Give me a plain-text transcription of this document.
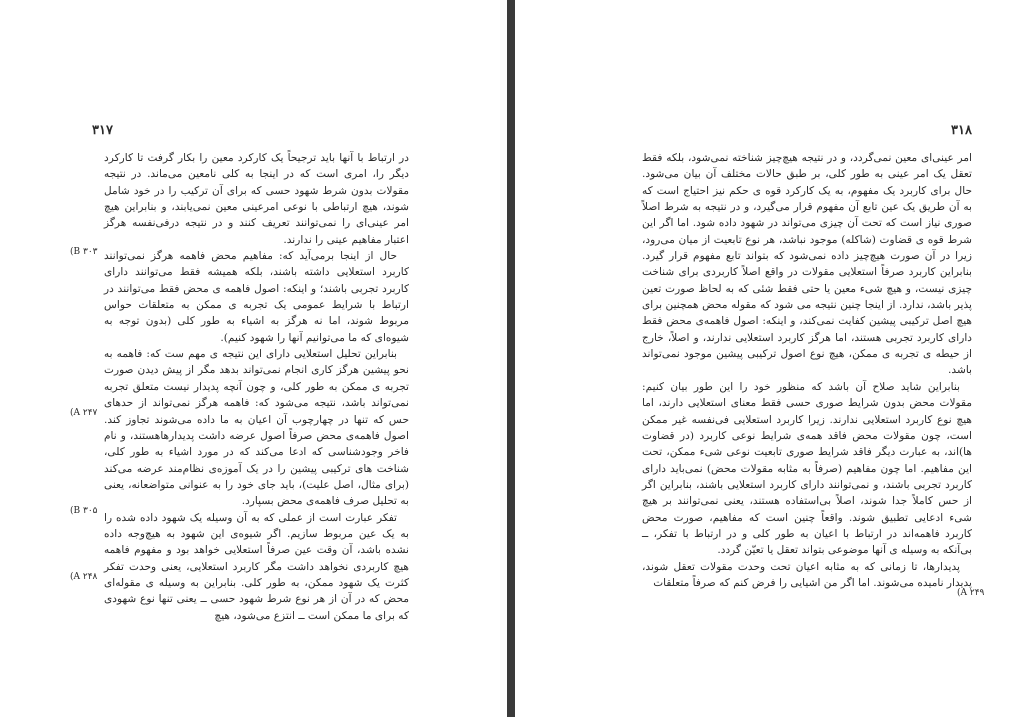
۳۱۷

در ارتباط با آنها باید ترجیحاً یک کارکرد معین را بکار گرفت تا کارکرد دیگر را، امری است که در اینجا به کلی نامعین می‌ماند. در نتیجه مقولات بدون شرط شهود حسی که برای آن ترکیب را در خود شامل شوند، هیچ ارتباطی با نوعی امرعینی معین نمی‌یابند، و بنابراین هیچ امر عینی‌ای را نمی‌توانند تعریف کنند و در نتیجه درفی‌نفسه هرگز اعتبار مفاهیم عینی را ندارند.

حال از اینجا برمی‌آید که: مفاهیم محض فاهمه هرگز نمی‌توانند کاربرد استعلایی داشته باشند، بلکه همیشه فقط می‌توانند دارای کاربرد تجربی باشند؛ و اینکه: اصول فاهمه ی محض فقط می‌توانند در ارتباط با شرایط عمومی یک تجربه ی ممکن به متعلقات حواس مربوط شوند، اما نه هرگز به اشیاء به طور کلی (بدون توجه به شیوه‌ای که ما می‌توانیم آنها را شهود کنیم).

بنابراین تحلیل استعلایی دارای این نتیجه ی مهم ست که: فاهمه به نحو پیشین هرگز کاری انجام نمی‌تواند بدهد مگر از پیش دیدن صورت تجربه ی ممکن به طور کلی، و چون آنچه پدیدار نیست متعلق تجربه نمی‌تواند باشد، نتیجه می‌شود که: فاهمه هرگز نمی‌تواند از حدهای حس که تنها در چهارچوب آن اعیان به ما داده می‌شوند تجاوز کند. اصول فاهمه‌ی محض صرفاً اصول عرضه داشت پدیدارهاهستند، و نام فاخر وجودشناسی که ادعا می‌کند که در مورد اشیاء به طور کلی، شناخت های ترکیبی پیشین را در یک آموزه‌ی نظام‌مند عرضه می‌کند (برای مثال، اصل علیت)، باید جای خود را به عنوانی متواضعانه، یعنی به تحلیل صرف فاهمه‌ی محض بسپارد.

تفکر عبارت است از عملی که به آن وسیله یک شهود داده شده را به یک عین مربوط سازیم. اگر شیوه‌ی این شهود به هیچ‌وجه داده نشده باشد، آن وقت عین صرفاً استعلایی خواهد بود و مفهوم فاهمه هیچ کاربردی نخواهد داشت مگر کاربرد استعلایی، یعنی وحدت تفکر کثرت یک شهود ممکن، به طور کلی. بنابراین به وسیله ی مقوله‌ای محض که در آن از هر نوع شرط شهود حسی ــ یعنی تنها نوع شهودی که برای ما ممکن است ــ انتزع می‌شود، هیچ

(B ۳۰۳
(A ۲۴۷
(B ۳۰۵
(A ۲۴۸
۳۱۸

امر عینی‌ای معین نمی‌گردد، و در نتیجه هیچ‌چیز شناخته نمی‌شود، بلکه فقط تعقل یک امر عینی به طور کلی، بر طبق حالات مختلف آن بیان می‌شود. حال برای کاربرد یک مفهوم، به یک کارکرد قوه ی حکم نیز احتیاج است که به آن طریق یک عین تابع آن مفهوم قرار می‌گیرد، و در نتیجه به شرط اصلاً صوری نیاز است که تحت آن چیزی می‌تواند در شهود داده شود. اما اگر این شرط قوه ی قضاوت (شاکله) موجود نباشد، هر نوع تابعیت از میان می‌رود، زیرا در آن صورت هیچ‌چیز داده نمی‌شود که بتواند تابع مفهوم قرار گیرد. بنابراین کاربرد صرفاً استعلایی مقولات در واقع اصلاً کاربردی برای شناخت چیزی نیست، و هیچ شیء معین یا حتی فقط شئی که به لحاظ صورت تعین پذیر باشد، ندارد. از اینجا چنین نتیجه می شود که مقوله محض همچنین برای هیچ اصل ترکیبی پیشین کفایت نمی‌کند، و اینکه: اصول فاهمه‌ی محض فقط دارای کاربرد تجربی هستند، اما هرگز کاربرد استعلایی ندارند، و اصلاً، خارج از حیطه ی تجربه ی ممکن، هیچ نوع اصول ترکیبی پیشین موجود نمی‌تواند باشد.

بنابراین شاید صلاح آن باشد که منظور خود را این طور بیان کنیم: مقولات محض بدون شرایط صوری حسی فقط معنای استعلایی دارند، اما هیچ نوع کاربرد استعلایی ندارند. زیرا کاربرد استعلایی فی‌نفسه غیر ممکن است، چون مقولات محض فاقد همه‌ی شرایط نوعی کاربرد (در قضاوت ها)اند، به عبارت دیگر فاقد شرایط صوری تابعیت نوعی شیء ممکن، تحت این مفاهیم. اما چون مفاهیم (صرفاً به مثابه مقولات محض) نمی‌باید دارای کاربرد تجربی باشند، و نمی‌توانند دارای کاربرد استعلایی باشند، بنابراین اگر از حس کاملاً جدا شوند، اصلاً بی‌استفاده هستند، یعنی نمی‌توانند بر هیچ شیء ادعایی تطبیق شوند. واقعاً چنین است که مفاهیم، صورت محض کاربرد فاهمه‌اند در ارتباط با اعیان به طور کلی و در ارتباط با تفکر، ــ بی‌آنکه به وسیله ی آنها موضوعی بتواند تعقل یا تعیّن گردد.

پدیدارها، تا زمانی که به مثابه اعیان تحت وحدت مقولات تعقل شوند، پدیدار نامیده می‌شوند. اما اگر من اشیایی را فرض کنم که صرفاً متعلقات

(A ۲۴۹
